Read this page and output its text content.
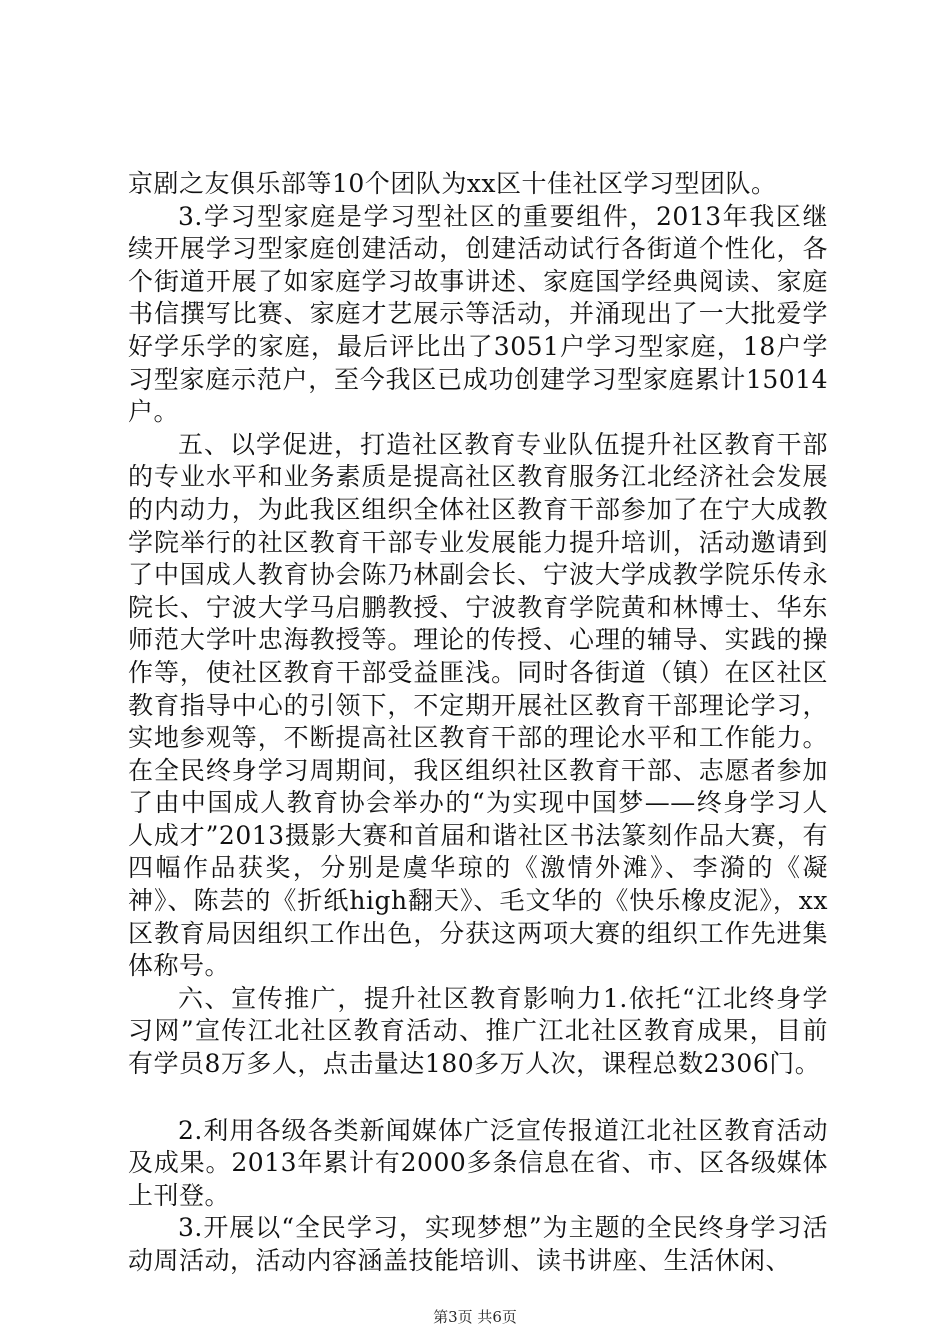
京剧之友俱乐部等10个团队为xx区十佳社区学习型团队。

3.学习型家庭是学习型社区的重要组件，2013年我区继续开展学习型家庭创建活动，创建活动试行各街道个性化，各个街道开展了如家庭学习故事讲述、家庭国学经典阅读、家庭书信撰写比赛、家庭才艺展示等活动，并涌现出了一大批爱学好学乐学的家庭，最后评比出了3051户学习型家庭，18户学习型家庭示范户，至今我区已成功创建学习型家庭累计15014户。

五、以学促进，打造社区教育专业队伍提升社区教育干部的专业水平和业务素质是提高社区教育服务江北经济社会发展的内动力，为此我区组织全体社区教育干部参加了在宁大成教学院举行的社区教育干部专业发展能力提升培训，活动邀请到了中国成人教育协会陈乃林副会长、宁波大学成教学院乐传永院长、宁波大学马启鹏教授、宁波教育学院黄和林博士、华东师范大学叶忠海教授等。理论的传授、心理的辅导、实践的操作等，使社区教育干部受益匪浅。同时各街道（镇）在区社区教育指导中心的引领下，不定期开展社区教育干部理论学习，实地参观等，不断提高社区教育干部的理论水平和工作能力。在全民终身学习周期间，我区组织社区教育干部、志愿者参加了由中国成人教育协会举办的“为实现中国梦——终身学习人人成才”2013摄影大赛和首届和谐社区书法篆刻作品大赛，有四幅作品获奖，分别是虞华琼的《激情外滩》、李漪的《凝神》、陈芸的《折纸high翻天》、毛文华的《快乐橡皮泥》，xx区教育局因组织工作出色，分获这两项大赛的组织工作先进集体称号。

六、宣传推广，提升社区教育影响力1.依托“江北终身学习网”宣传江北社区教育活动、推广江北社区教育成果，目前有学员8万多人，点击量达180多万人次，课程总数2306门。

2.利用各级各类新闻媒体广泛宣传报道江北社区教育活动及成果。2013年累计有2000多条信息在省、市、区各级媒体上刊登。

3.开展以“全民学习，实现梦想”为主题的全民终身学习活动周活动，活动内容涵盖技能培训、读书讲座、生活休闲、

第3页 共6页
